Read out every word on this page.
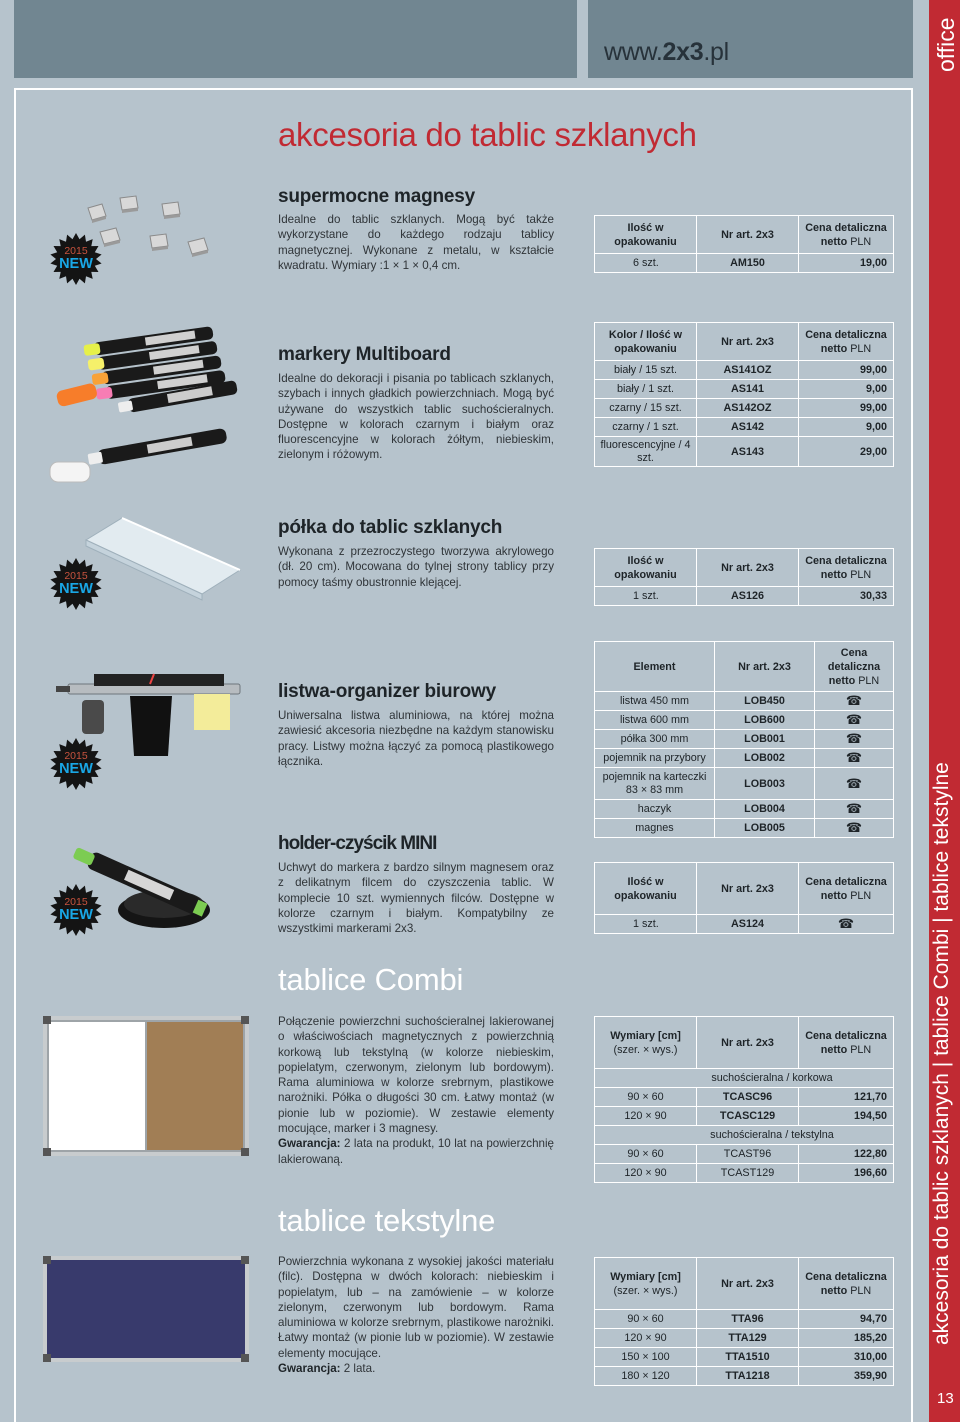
www.2x3.pl	office
akcesoria do tablic szklanych | tablice Combi | tablice tekstylne
13
akcesoria do tablic szklanych
2015
NEW
supermocne magnesy
Idealne do tablic szklanych. Mogą być także wykorzystane do każdego rodzaju tablicy magnetycznej. Wykonane z metalu, w kształcie kwadratu. Wymiary :1 × 1 × 0,4 cm.
Ilość w opakowaniu	Nr art. 2x3	Cena detaliczna
netto PLN
6 szt.	AM150	19,00
markery Multiboard
Idealne do dekoracji i pisania po tablicach szklanych, szybach i innych gładkich powierzchniach. Mogą być używane do wszystkich tablic suchościeralnych. Dostępne w kolorach czarnym i białym oraz fluorescencyjne w kolorach żółtym, niebieskim, zielonym i różowym.
Kolor / Ilość w opakowaniu	Nr art. 2x3	Cena detaliczna
netto PLN
biały / 15 szt.	AS141OZ	99,00
biały / 1 szt.	AS141	9,00
czarny / 15 szt.	AS142OZ	99,00
czarny / 1 szt.	AS142	9,00
fluorescencyjne / 4 szt.	AS143	29,00
2015
NEW
półka do tablic szklanych
Wykonana z przezroczystego tworzywa akrylowego (dł. 20 cm). Mocowana do tylnej strony tablicy przy pomocy taśmy obustronnie klejącej.
Ilość w opakowaniu	Nr art. 2x3	Cena detaliczna
netto PLN
1 szt.	AS126	30,33
2015
NEW
listwa-organizer biurowy
Uniwersalna listwa aluminiowa, na której można zawiesić akcesoria niezbędne na każdym stanowisku pracy. Listwy można łączyć za pomocą plastikowego łącznika.
Element	Nr art. 2x3	Cena detaliczna
netto PLN
listwa 450 mm	LOB450	☎
listwa 600 mm	LOB600	☎
półka 300 mm	LOB001	☎
pojemnik na przybory	LOB002	☎
pojemnik na karteczki 83 × 83 mm	LOB003	☎
haczyk	LOB004	☎
magnes	LOB005	☎
2015
NEW
holder-czyścik MINI
Uchwyt do markera z bardzo silnym magnesem oraz z delikatnym filcem do czyszczenia tablic. W komplecie 10 szt. wymiennych filców. Dostępne w kolorze czarnym i białym. Kompatybilny ze wszystkimi markerami 2x3.
Ilość w opakowaniu	Nr art. 2x3	Cena detaliczna
netto PLN
1 szt.	AS124	☎
tablice Combi
Połączenie powierzchni suchościeralnej lakierowanej o właściwościach magnetycznych z powierzchnią korkową lub tekstylną (w kolorze niebieskim, popielatym, czerwonym, zielonym lub bordowym). Rama aluminiowa w kolorze srebrnym, plastikowe narożniki. Półka o długości 30 cm. Łatwy montaż (w pionie lub w poziomie). W zestawie elementy mocujące, marker i 3 magnesy.
Gwarancja: 2 lata na produkt, 10 lat na powierzchnię lakierowaną.
Wymiary [cm]
(szer. × wys.)	Nr art. 2x3	Cena detaliczna
netto PLN
suchościeralna / korkowa		
90 × 60	TCASC96	121,70
120 × 90	TCASC129	194,50
suchościeralna / tekstylna		
90 × 60	TCAST96	122,80
120 × 90	TCAST129	196,60
tablice tekstylne
Powierzchnia wykonana z wysokiej jakości materiału (filc). Dostępna w dwóch kolorach: niebieskim i popielatym, lub – na zamówienie – w kolorze zielonym, czerwonym lub bordowym. Rama aluminiowa w kolorze srebrnym, plastikowe narożniki. Łatwy montaż (w pionie lub w poziomie). W zestawie elementy mocujące.
Gwarancja: 2 lata.
Wymiary [cm]
(szer. × wys.)	Nr art. 2x3	Cena detaliczna
netto PLN
90 × 60	TTA96	94,70
120 × 90	TTA129	185,20
150 × 100	TTA1510	310,00
180 × 120	TTA1218	359,90
